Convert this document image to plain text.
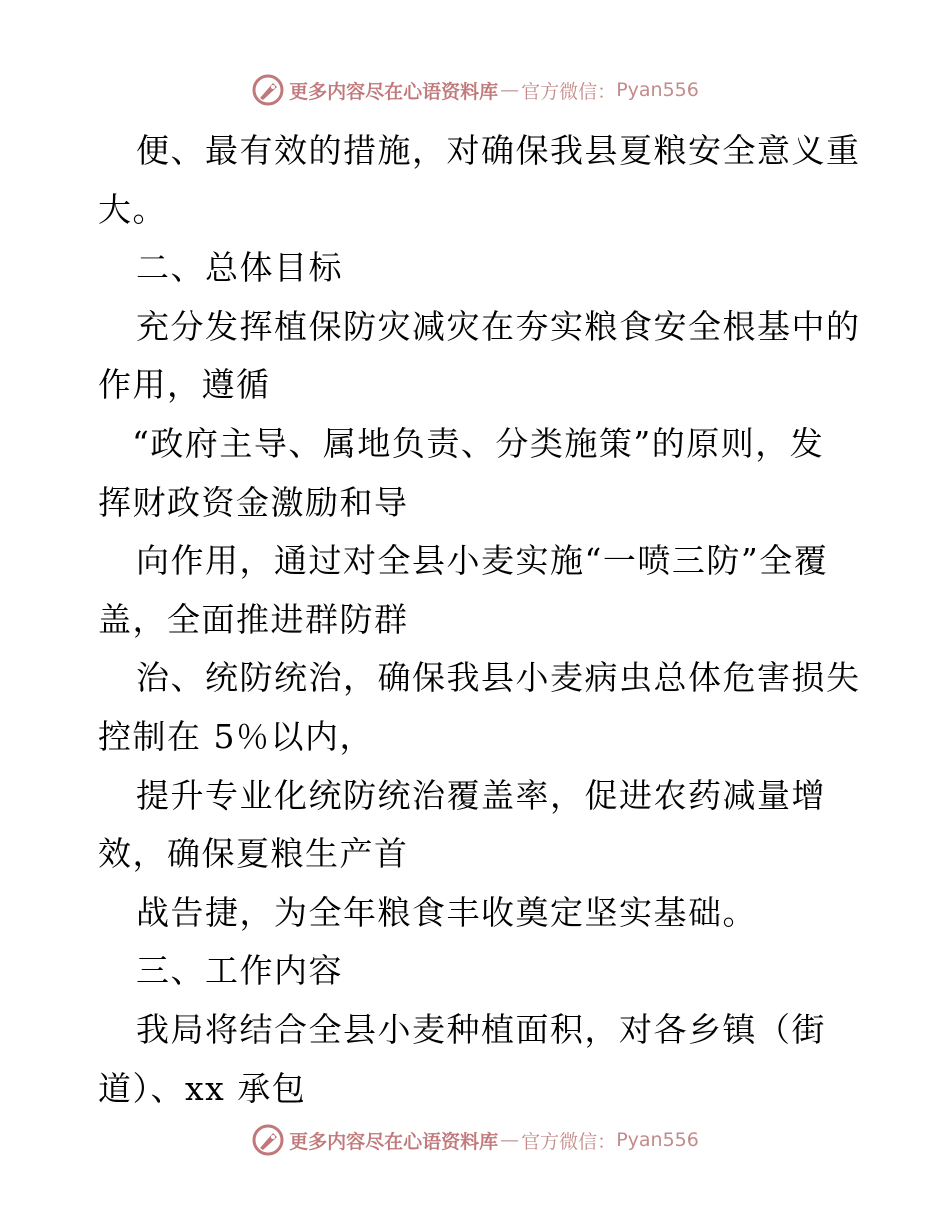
更多内容尽在心语资料库 — 官方微信： Pyan556
便、最有效的措施，对确保我县夏粮安全意义重
大。
二、总体目标
充分发挥植保防灾减灾在夯实粮食安全根基中的
作用，遵循
“政府主导、属地负责、分类施策”的原则，发
挥财政资金激励和导
向作用，通过对全县小麦实施“一喷三防”全覆
盖，全面推进群防群
治、统防统治，确保我县小麦病虫总体危害损失
控制在 5％以内，
提升专业化统防统治覆盖率，促进农药减量增
效，确保夏粮生产首
战告捷，为全年粮食丰收奠定坚实基础。
三、工作内容
我局将结合全县小麦种植面积，对各乡镇（街
道）、xx 承包
更多内容尽在心语资料库 — 官方微信： Pyan556
